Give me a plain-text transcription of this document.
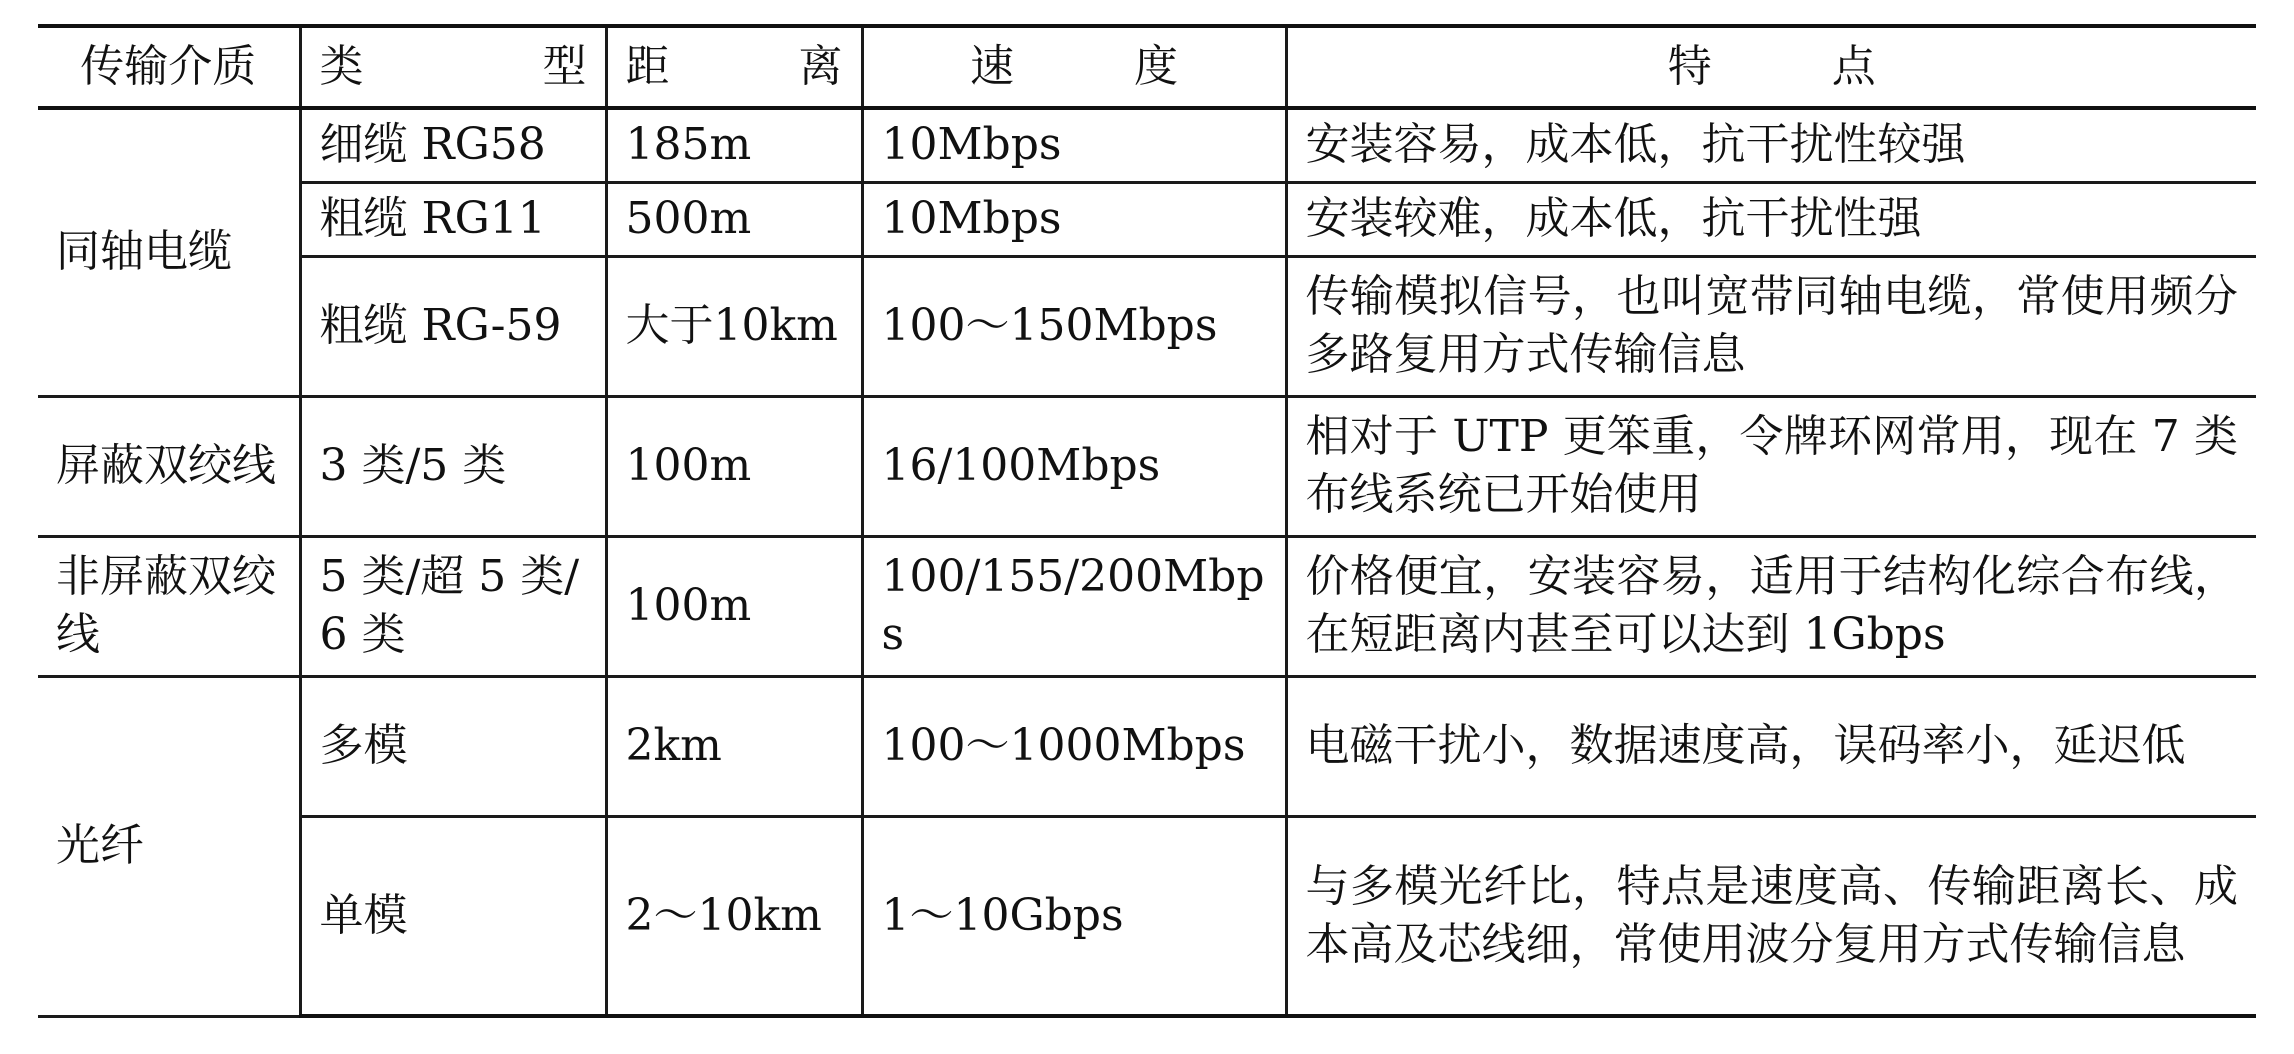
传输介质	类 型	距 离	速 度	特 点

同轴电缆	细缆 RG58	185m	10Mbps	安装容易，成本低，抗干扰性较强
	粗缆 RG11	500m	10Mbps	安装较难，成本低，抗干扰性强
	粗缆 RG-59	大于10km	100～150Mbps	传输模拟信号，也叫宽带同轴电缆，常使用频分多路复用方式传输信息
屏蔽双绞线	3 类/5 类	100m	16/100Mbps	相对于 UTP 更笨重，令牌环网常用，现在 7 类布线系统已开始使用
非屏蔽双绞线	5 类/超 5 类/6 类	100m	100/155/200Mbps	价格便宜，安装容易，适用于结构化综合布线，在短距离内甚至可以达到 1Gbps
光纤	多模	2km	100～1000Mbps	电磁干扰小，数据速度高，误码率小，延迟低
	单模	2～10km	1～10Gbps	与多模光纤比，特点是速度高、传输距离长、成本高及芯线细，常使用波分复用方式传输信息
